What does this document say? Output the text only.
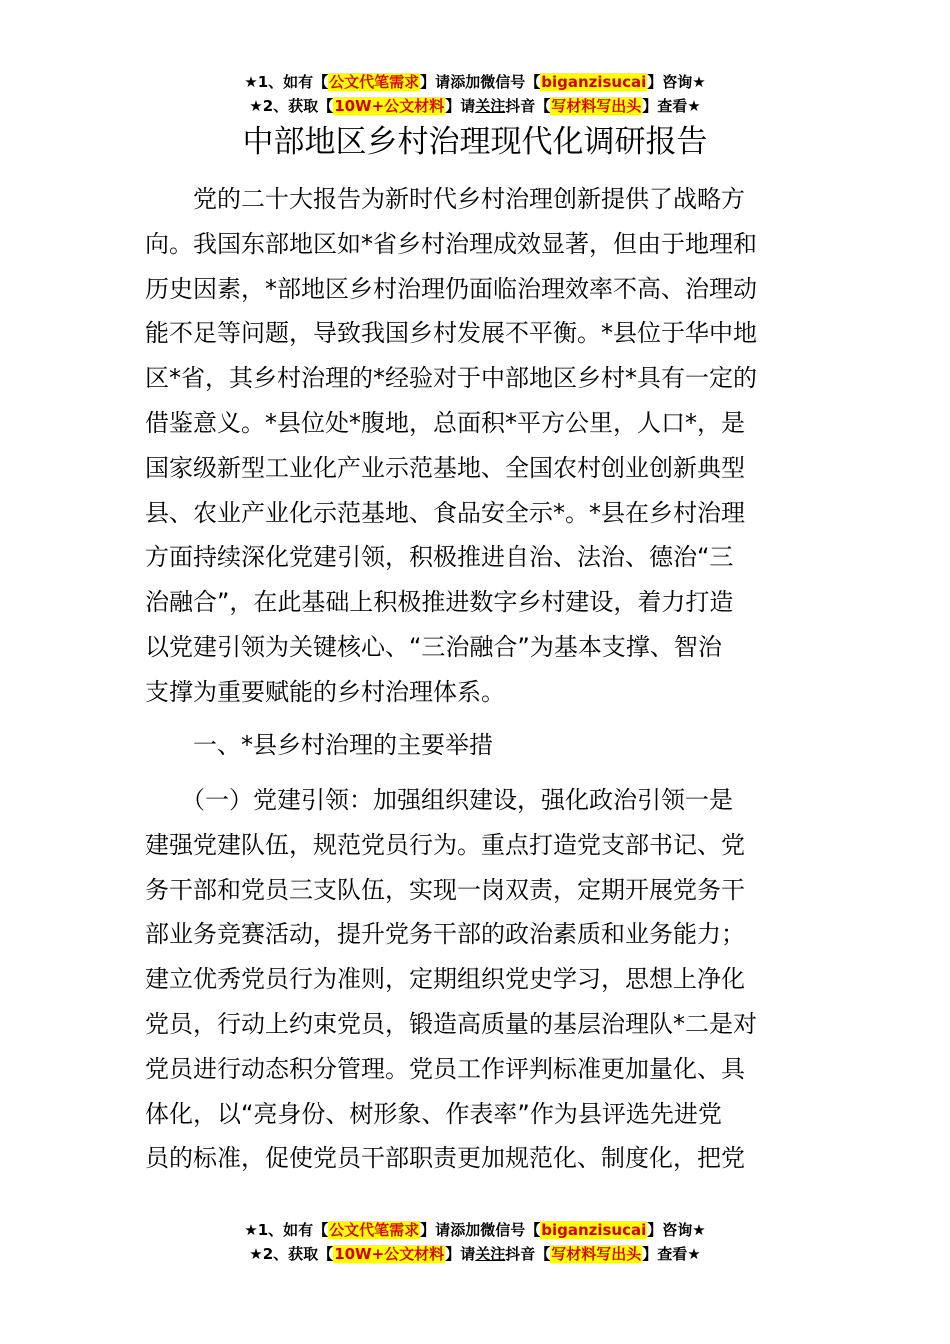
★1、如有【公文代笔需求】请添加微信号【biganzisucai】咨询★
★2、获取【10W+公文材料】请关注抖音【写材料写出头】查看★
中部地区乡村治理现代化调研报告
　　党的二十大报告为新时代乡村治理创新提供了战略方
向。我国东部地区如*省乡村治理成效显著，但由于地理和
历史因素，*部地区乡村治理仍面临治理效率不高、治理动
能不足等问题，导致我国乡村发展不平衡。*县位于华中地
区*省，其乡村治理的*经验对于中部地区乡村*具有一定的
借鉴意义。*县位处*腹地，总面积*平方公里，人口*，是
国家级新型工业化产业示范基地、全国农村创业创新典型
县、农业产业化示范基地、食品安全示*。*县在乡村治理
方面持续深化党建引领，积极推进自治、法治、德治“三
治融合”，在此基础上积极推进数字乡村建设，着力打造
以党建引领为关键核心、“三治融合”为基本支撑、智治
支撑为重要赋能的乡村治理体系。
　　一、*县乡村治理的主要举措
　　（一）党建引领：加强组织建设，强化政治引领一是
建强党建队伍，规范党员行为。重点打造党支部书记、党
务干部和党员三支队伍，实现一岗双责，定期开展党务干
部业务竞赛活动，提升党务干部的政治素质和业务能力；
建立优秀党员行为准则，定期组织党史学习，思想上净化
党员，行动上约束党员，锻造高质量的基层治理队*二是对
党员进行动态积分管理。党员工作评判标准更加量化、具
体化，以“亮身份、树形象、作表率”作为县评选先进党
员的标准，促使党员干部职责更加规范化、制度化，把党
★1、如有【公文代笔需求】请添加微信号【biganzisucai】咨询★
★2、获取【10W+公文材料】请关注抖音【写材料写出头】查看★
